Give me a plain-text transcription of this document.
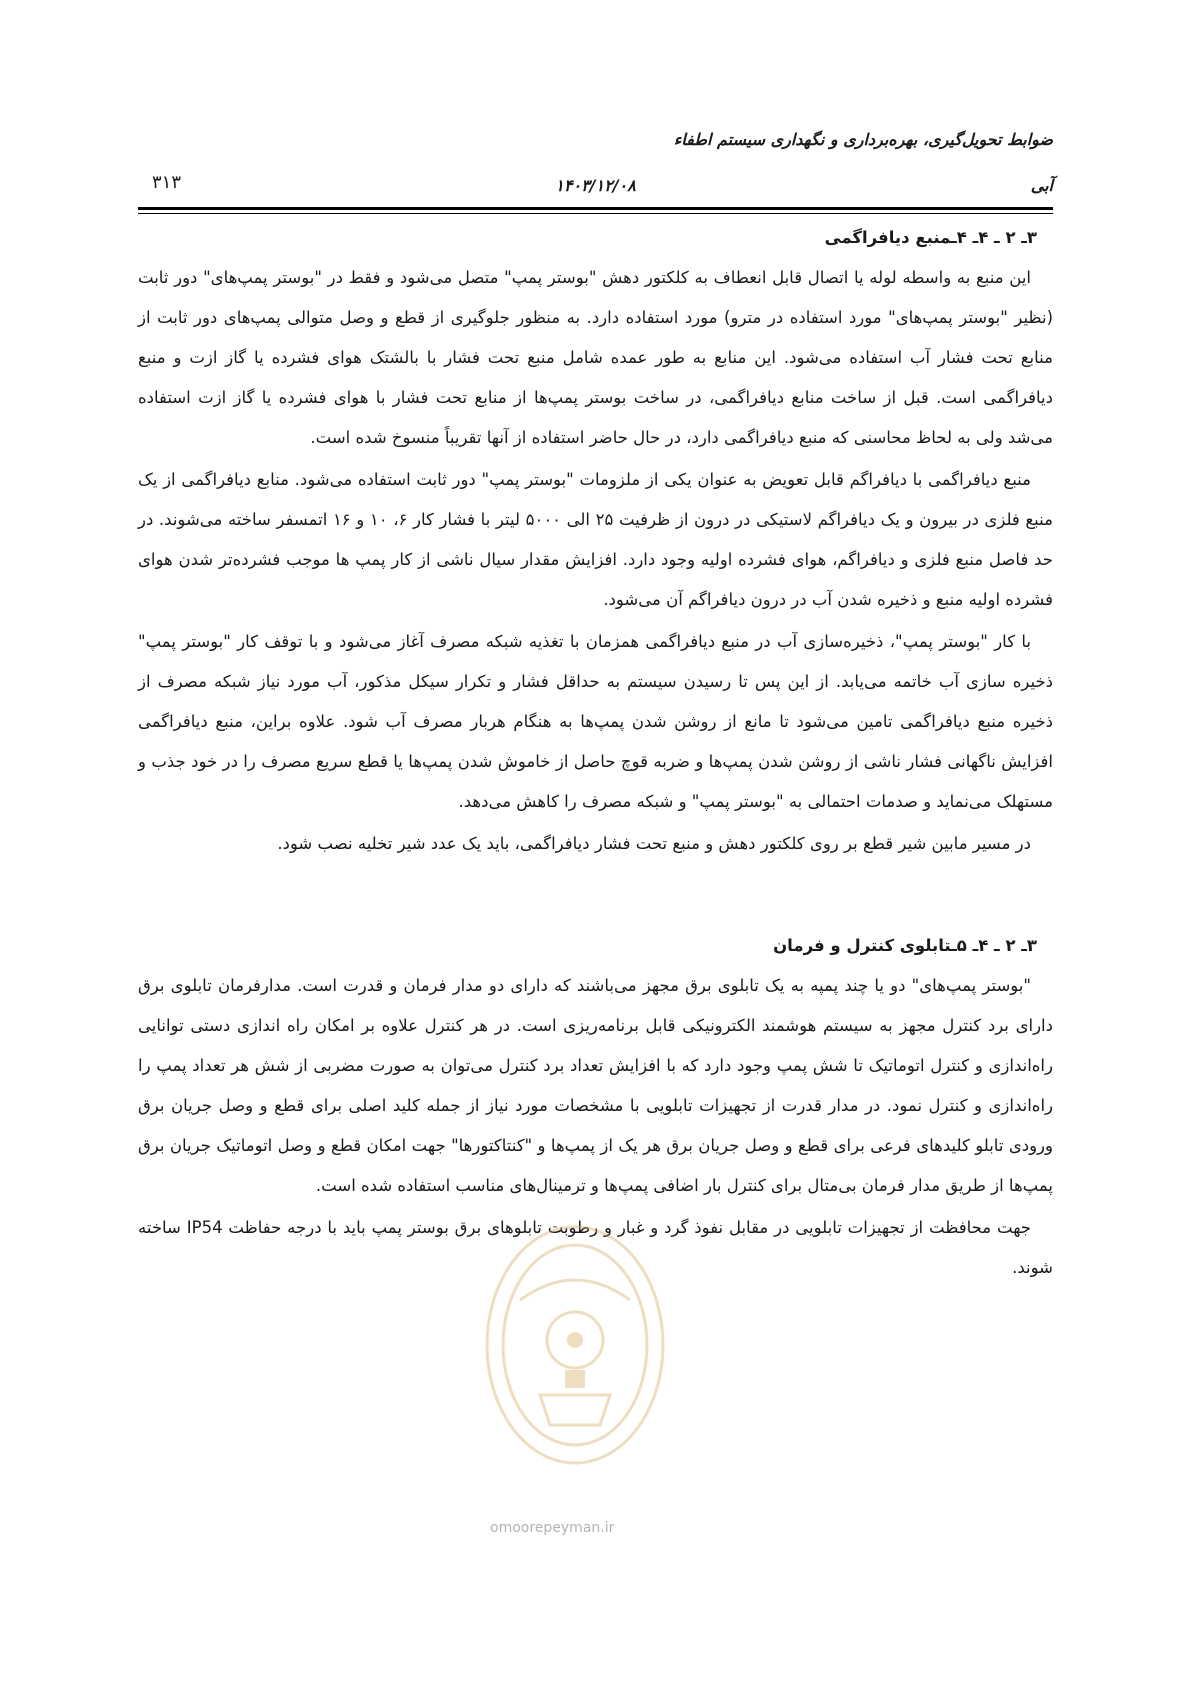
ضوابط تحویل‌گیری، بهره‌برداری و نگهداری سیستم اطفاء
آبی
۱۴۰۳/۱۲/۰۸
۳۱۳
۳ـ ۲ ـ ۴ـ ۴ـمنبع دیافراگمی

این منبع به واسطه لوله یا اتصال قابل انعطاف به کلکتور دهش "بوستر پمپ" متصل می‌شود و فقط در "بوستر پمپ‌های" دور ثابت (نظیر "بوستر پمپ‌های" مورد استفاده در مترو) مورد استفاده دارد. به منظور جلوگیری از قطع و وصل متوالی پمپ‌های دور ثابت از منابع تحت فشار آب استفاده می‌شود. این منابع به طور عمده شامل منبع تحت فشار با بالشتک هوای فشرده یا گاز ازت و منبع دیافراگمی است. قبل از ساخت منابع دیافراگمی، در ساخت بوستر پمپ‌ها از منابع تحت فشار با هوای فشرده یا گاز ازت استفاده می‌شد ولی به لحاظ محاسنی که منبع دیافراگمی دارد، در حال حاضر استفاده از آنها تقریباً منسوخ شده است.

منبع دیافراگمی با دیافراگم قابل تعویض به عنوان یکی از ملزومات "بوستر پمپ" دور ثابت استفاده می‌شود. منابع دیافراگمی از یک منبع فلزی در بیرون و یک دیافراگم لاستیکی در درون از ظرفیت ۲۵ الی ۵۰۰۰ لیتر با فشار کار ۶، ۱۰ و ۱۶ اتمسفر ساخته می‌شوند. در حد فاصل منبع فلزی و دیافراگم، هوای فشرده اولیه وجود دارد. افزایش مقدار سیال ناشی از کار پمپ ها موجب فشرده‌تر شدن هوای فشرده اولیه منبع و ذخیره شدن آب در درون دیافراگم آن می‌شود.

با کار "بوستر پمپ"، ذخیره‌سازی آب در منبع دیافراگمی همزمان با تغذیه شبکه مصرف آغاز می‌شود و با توقف کار "بوستر پمپ" ذخیره سازی آب خاتمه می‌یابد. از این پس تا رسیدن سیستم به حداقل فشار و تکرار سیکل مذکور، آب مورد نیاز شبکه مصرف از ذخیره منبع دیافراگمی تامین می‌شود تا مانع از روشن شدن پمپ‌ها به هنگام هربار مصرف آب شود. علاوه براین، منبع دیافراگمی افزایش ناگهانی فشار ناشی از روشن شدن پمپ‌ها و ضربه قوچ حاصل از خاموش شدن پمپ‌ها یا قطع سریع مصرف را در خود جذب و مستهلک می‌نماید و صدمات احتمالی به "بوستر پمپ" و شبکه مصرف را کاهش می‌دهد.

در مسیر مابین شیر قطع بر روی کلکتور دهش و منبع تحت فشار دیافراگمی، باید یک عدد شیر تخلیه نصب شود.

۳ـ ۲ ـ ۴ـ ۵ـتابلوی کنترل و فرمان

"بوستر پمپ‌های" دو یا چند پمپه به یک تابلوی برق مجهز می‌باشند که دارای دو مدار فرمان و قدرت است. مدارفرمان تابلوی برق دارای برد کنترل مجهز به سیستم هوشمند الکترونیکی قابل برنامه‌ریزی است. در هر کنترل علاوه بر امکان راه اندازی دستی توانایی راه‌اندازی و کنترل اتوماتیک تا شش پمپ وجود دارد که با افزایش تعداد برد کنترل می‌توان به صورت مضربی از شش هر تعداد پمپ را راه‌اندازی و کنترل نمود. در مدار قدرت از تجهیزات تابلویی با مشخصات مورد نیاز از جمله کلید اصلی برای قطع و وصل جریان برق ورودی تابلو کلیدهای فرعی برای قطع و وصل جریان برق هر یک از پمپ‌ها و "کنتاکتورها" جهت امکان قطع و وصل اتوماتیک جریان برق پمپ‌ها از طریق مدار فرمان بی‌متال برای کنترل بار اضافی پمپ‌ها و ترمینال‌های مناسب استفاده شده است.

جهت محافظت از تجهیزات تابلویی در مقابل نفوذ گرد و غبار و رطوبت تابلوهای برق بوستر پمپ باید با درجه حفاظت IP54 ساخته شوند.

omoorepeyman.ir
